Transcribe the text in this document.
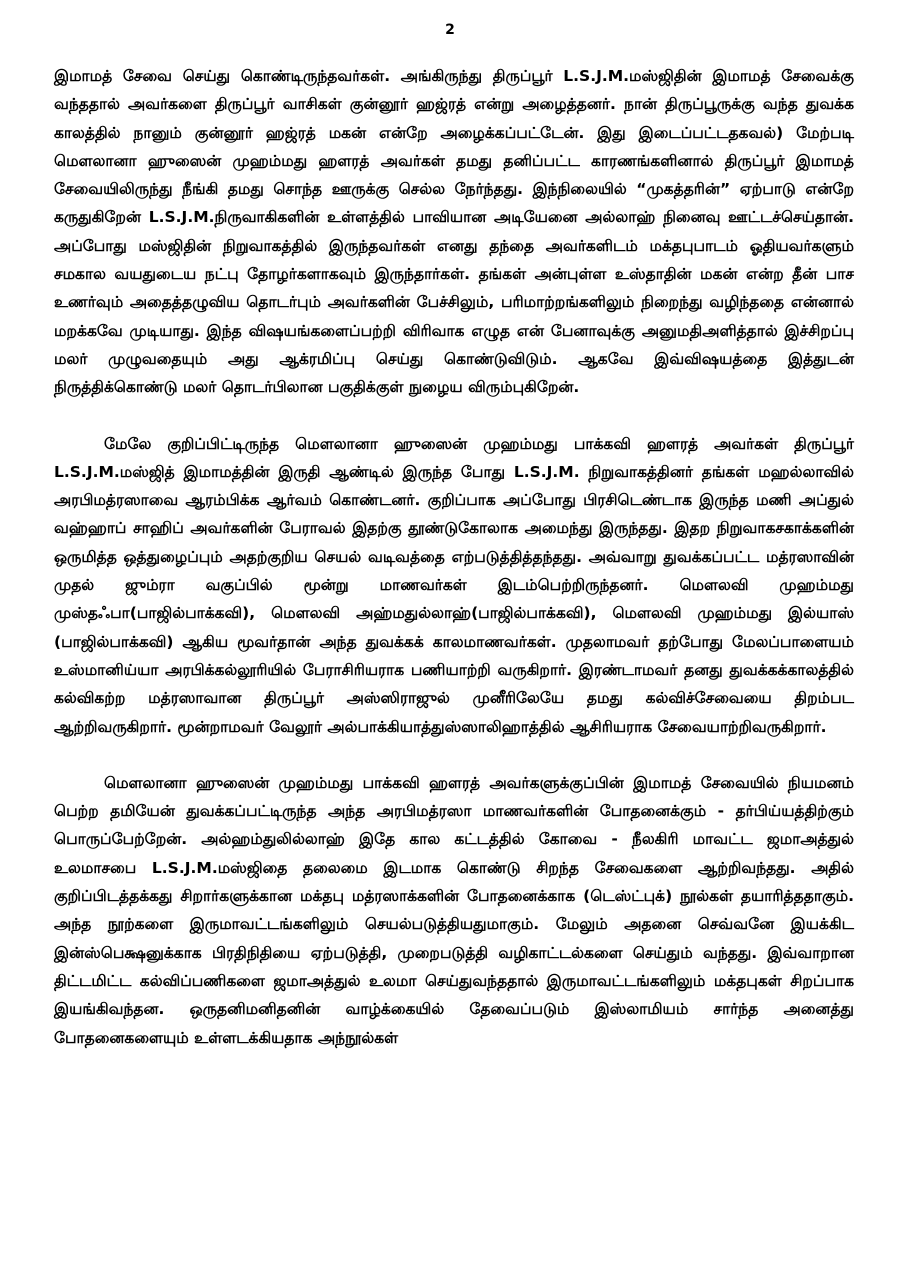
2

இமாமத் சேவை செய்து கொண்டிருந்தவர்கள். அங்கிருந்து திருப்பூர் L.S.J.M.மஸ்ஜிதின் இமாமத் சேவைக்கு வந்ததால் அவர்களை திருப்பூர் வாசிகள் குன்னூர் ஹஜ்ரத் என்று அழைத்தனர். நான் திருப்பூருக்கு வந்த துவக்க காலத்தில் நானும் குன்னூர் ஹஜ்ரத் மகன் என்றே அழைக்கப்பட்டேன். இது இடைப்பட்டதகவல்) மேற்படி மௌலானா ஹுஸைன் முஹம்மது ஹளரத் அவர்கள் தமது தனிப்பட்ட காரணங்களினால் திருப்பூர் இமாமத் சேவையிலிருந்து நீங்கி தமது சொந்த ஊருக்கு செல்ல நேர்ந்தது. இந்நிலையில் “முகத்தரின்” ஏற்பாடு என்றே கருதுகிறேன் L.S.J.M.நிருவாகிகளின் உள்ளத்தில் பாவியான அடியேனை அல்லாஹ் நினைவு ஊட்டச்செய்தான். அப்போது மஸ்ஜிதின் நிறுவாகத்தில் இருந்தவர்கள் எனது தந்தை அவர்களிடம் மக்தபுபாடம் ஓதியவர்களும் சமகால வயதுடைய நட்பு தோழர்களாகவும் இருந்தார்கள். தங்கள் அன்புள்ள உஸ்தாதின் மகன் என்ற தீன் பாச உணர்வும் அதைத்தழுவிய தொடர்பும் அவர்களின் பேச்சிலும், பரிமாற்றங்களிலும் நிறைந்து வழிந்ததை என்னால் மறக்கவே முடியாது. இந்த விஷயங்களைப்பற்றி விரிவாக எழுத என் பேனாவுக்கு அனுமதிஅளித்தால் இச்சிறப்பு மலர் முழுவதையும் அது ஆக்ரமிப்பு செய்து கொண்டுவிடும். ஆகவே இவ்விஷயத்தை இத்துடன் நிருத்திக்கொண்டு மலர் தொடர்பிலான பகுதிக்குள் நுழைய விரும்புகிறேன்.

மேலே குறிப்பிட்டிருந்த மௌலானா ஹுஸைன் முஹம்மது பாக்கவி ஹளரத் அவர்கள் திருப்பூர் L.S.J.M.மஸ்ஜித் இமாமத்தின் இருதி ஆண்டில் இருந்த போது L.S.J.M. நிறுவாகத்தினர் தங்கள் மஹல்லாவில் அரபிமத்ரஸாவை ஆரம்பிக்க ஆர்வம் கொண்டனர். குறிப்பாக அப்போது பிரசிடெண்டாக இருந்த மணி அப்துல் வஹ்ஹாப் சாஹிப் அவர்களின் பேராவல் இதற்கு தூண்டுகோலாக அமைந்து இருந்தது. இதற நிறுவாகசகாக்களின் ஒருமித்த ஒத்துழைப்பும் அதற்குறிய செயல் வடிவத்தை எற்படுத்தித்தந்தது. அவ்வாறு துவக்கப்பட்ட மத்ரஸாவின் முதல் ஜும்ரா வகுப்பில் மூன்று மாணவர்கள் இடம்பெற்றிருந்தனர். மௌலவி முஹம்மது முஸ்தஃபா(பாஜில்பாக்கவி), மௌலவி அஹ்மதுல்லாஹ்(பாஜில்பாக்கவி), மௌலவி முஹம்மது இல்யாஸ் (பாஜில்பாக்கவி) ஆகிய மூவர்தான் அந்த துவக்கக் காலமாணவர்கள். முதலாமவர் தற்போது மேலப்பாளையம் உஸ்மானிய்யா அரபிக்கல்லூரியில் பேராசிரியராக பணியாற்றி வருகிறார். இரண்டாமவர் தனது துவக்கக்காலத்தில் கல்விகற்ற மத்ரஸாவான திருப்பூர் அஸ்ஸிராஜுல் முனீரிலேயே தமது கல்விச்சேவையை திறம்பட ஆற்றிவருகிறார். மூன்றாமவர் வேலூர் அல்பாக்கியாத்துஸ்ஸாலிஹாத்தில் ஆசிரியராக சேவையாற்றிவருகிறார்.

மௌலானா ஹுஸைன் முஹம்மது பாக்கவி ஹளரத் அவர்களுக்குப்பின் இமாமத் சேவையில் நியமனம் பெற்ற தமியேன் துவக்கப்பட்டிருந்த அந்த அரபிமத்ரஸா மாணவர்களின் போதனைக்கும் - தர்பிய்யத்திற்கும் பொருப்பேற்றேன். அல்ஹம்துலில்லாஹ் இதே கால கட்டத்தில் கோவை - நீலகிரி மாவட்ட ஜமாஅத்துல் உலமாசபை L.S.J.M.மஸ்ஜிதை தலைமை இடமாக கொண்டு சிறந்த சேவைகளை ஆற்றிவந்தது. அதில் குறிப்பிடத்தக்கது சிறார்களுக்கான மக்தபு மத்ரஸாக்களின் போதனைக்காக (டெஸ்ட்புக்) நூல்கள் தயாரித்ததாகும். அந்த நூற்களை இருமாவட்டங்களிலும் செயல்படுத்தியதுமாகும். மேலும் அதனை செவ்வனே இயக்கிட இன்ஸ்பெக்ஷனுக்காக பிரதிநிதியை ஏற்படுத்தி, முறைபடுத்தி வழிகாட்டல்களை செய்தும் வந்தது. இவ்வாறான திட்டமிட்ட கல்விப்பணிகளை ஜமாஅத்துல் உலமா செய்துவந்ததால் இருமாவட்டங்களிலும் மக்தபுகள் சிறப்பாக இயங்கிவந்தன. ஒருதனிமனிதனின் வாழ்க்கையில் தேவைப்படும் இஸ்லாமியம் சார்ந்த அனைத்து போதனைகளையும் உள்ளடக்கியதாக அந்நூல்கள்
